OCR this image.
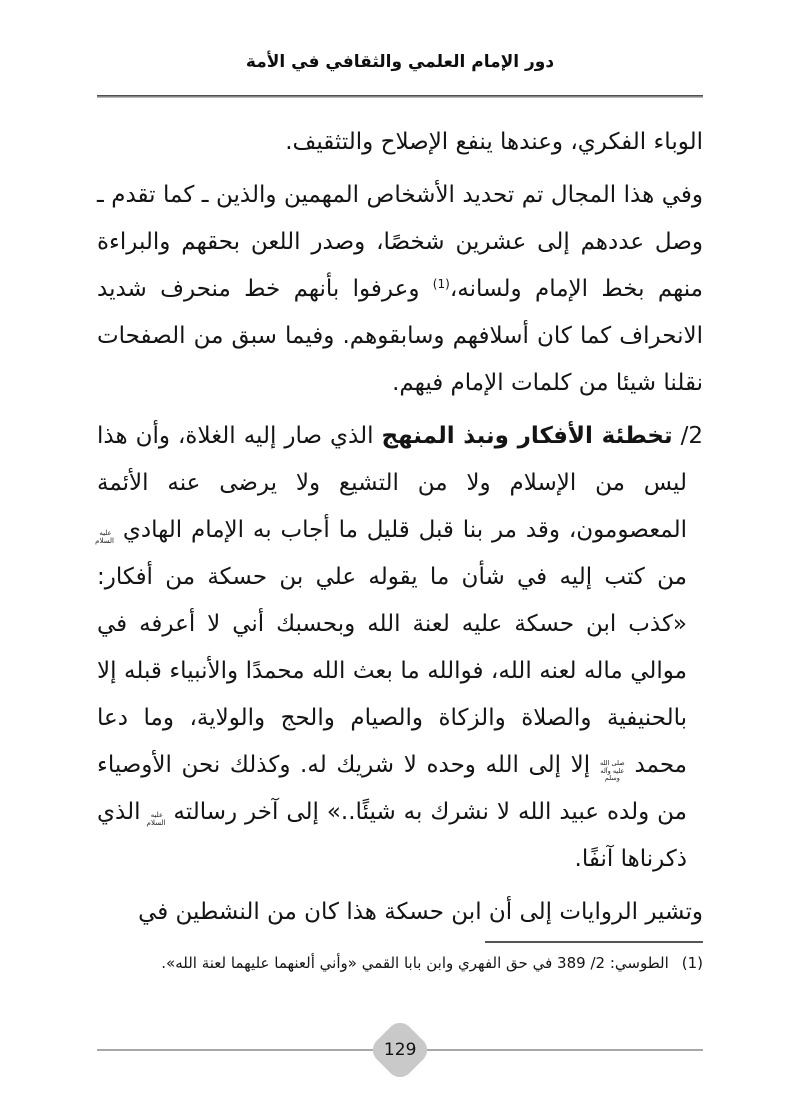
دور الإمام العلمي والثقافي في الأمة

الوباء الفكري، وعندها ينفع الإصلاح والتثقيف.

وفي هذا المجال تم تحديد الأشخاص المهمين والذين ـ كما تقدم ـ وصل عددهم إلى عشرين شخصًا، وصدر اللعن بحقهم والبراءة منهم بخط الإمام ولسانه،$^{(1)}$ وعرفوا بأنهم خط منحرف شديد الانحراف كما كان أسلافهم وسابقوهم. وفيما سبق من الصفحات نقلنا شيئا من كلمات الإمام فيهم.

2/ تخطئة الأفكار ونبذ المنهج الذي صار إليه الغلاة، وأن هذا ليس من الإسلام ولا من التشيع ولا يرضى عنه الأئمة المعصومون، وقد مر بنا قبل قليل ما أجاب به الإمام الهادي عليه السلام من كتب إليه في شأن ما يقوله علي بن حسكة من أفكار: «كذب ابن حسكة عليه لعنة الله وبحسبك أني لا أعرفه في موالي ماله لعنه الله، فوالله ما بعث الله محمدًا والأنبياء قبله إلا بالحنيفية والصلاة والزكاة والصيام والحج والولاية، وما دعا محمد صلى الله عليه وآله وسلم إلا إلى الله وحده لا شريك له. وكذلك نحن الأوصياء من ولده عبيد الله لا نشرك به شيئًا..» إلى آخر رسالته عليه السلام الذي ذكرناها آنفًا.

وتشير الروايات إلى أن ابن حسكة هذا كان من النشطين في

(1)الطوسي: 2/ 389 في حق الفهري وابن بابا القمي «وأني ألعنهما عليهما لعنة الله».
129
